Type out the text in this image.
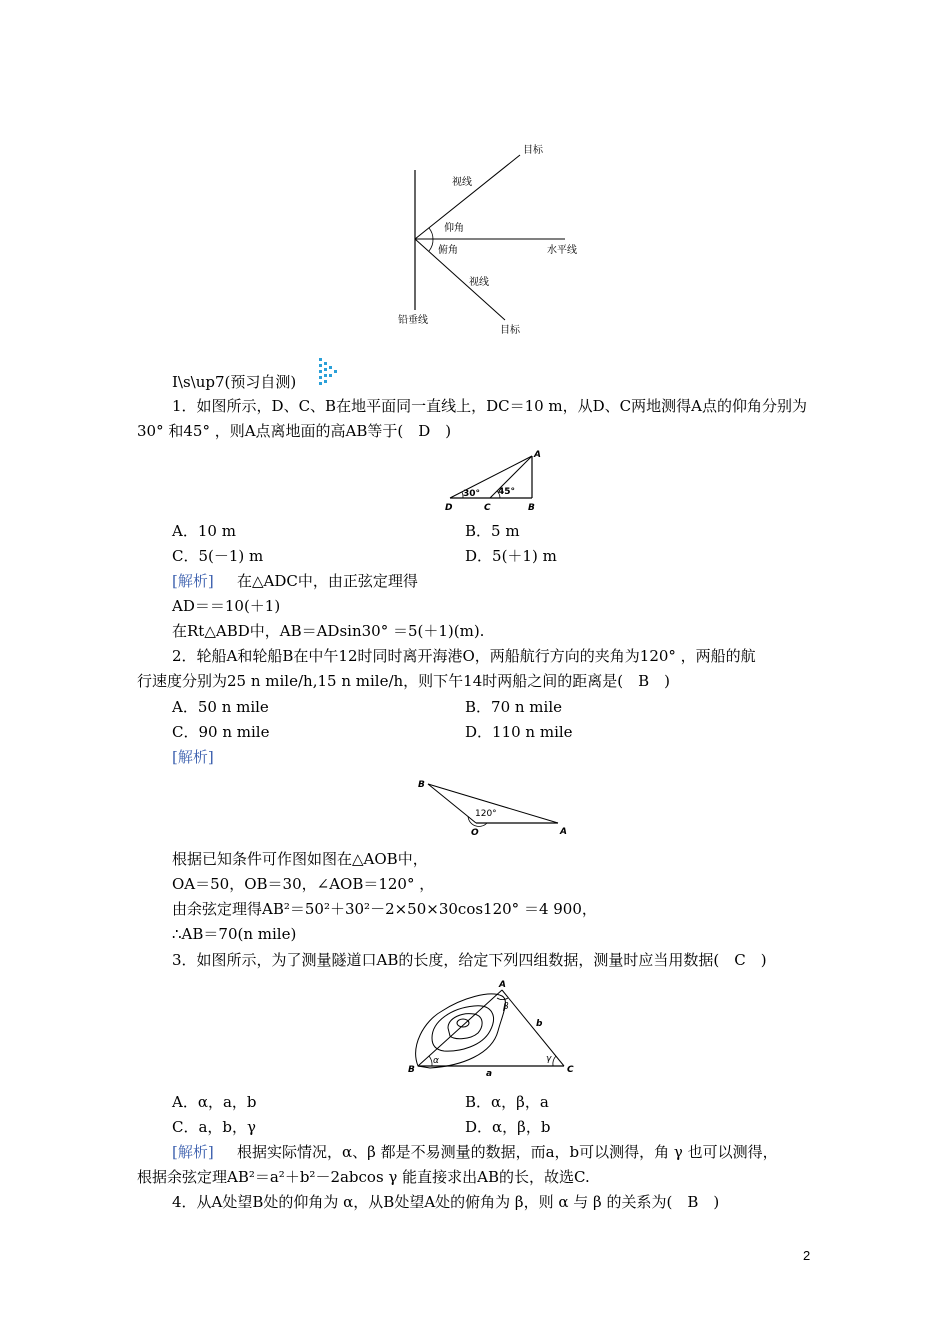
目标
视线
仰角
俯角	水平线
视线
铅垂线
目标
I\s\up7(预习自测)
1．如图所示，D、C、B在地平面同一直线上，DC＝10 m，从D、C两地测得A点的仰角分别为
30° 和45° ，则A点离地面的高AB等于(　D　)
A
D	C	B
30° 45°
A．10 m	B．5 m
C．5(－1) m	D．5(＋1) m
[解析] 在△ADC中，由正弦定理得
AD＝＝10(＋1)
在Rt△ABD中，AB＝ADsin30° ＝5(＋1)(m).
2．轮船A和轮船B在中午12时同时离开海港O，两船航行方向的夹角为120° ，两船的航
行速度分别为25 n mile/h,15 n mile/h，则下午14时两船之间的距离是(　B　)
A．50 n mile	B．70 n mile
C．90 n mile	D．110 n mile
[解析]
B
O	A
120°
根据已知条件可作图如图在△AOB中，
OA＝50，OB＝30，∠AOB＝120° ，
由余弦定理得AB²＝50²＋30²－2×50×30cos120° ＝4 900，
∴AB＝70(n mile)
3．如图所示，为了测量隧道口AB的长度，给定下列四组数据，测量时应当用数据(　C　)
A
B	C
a
b
α
β
γ
A．α，a，b	B．α，β，a
C．a，b，γ	D．α，β，b
[解析] 根据实际情况，α、β 都是不易测量的数据，而a，b可以测得，角 γ 也可以测得，
根据余弦定理AB²＝a²＋b²－2abcos γ 能直接求出AB的长，故选C.
4．从A处望B处的仰角为 α，从B处望A处的俯角为 β，则 α 与 β 的关系为(　B　)
2
